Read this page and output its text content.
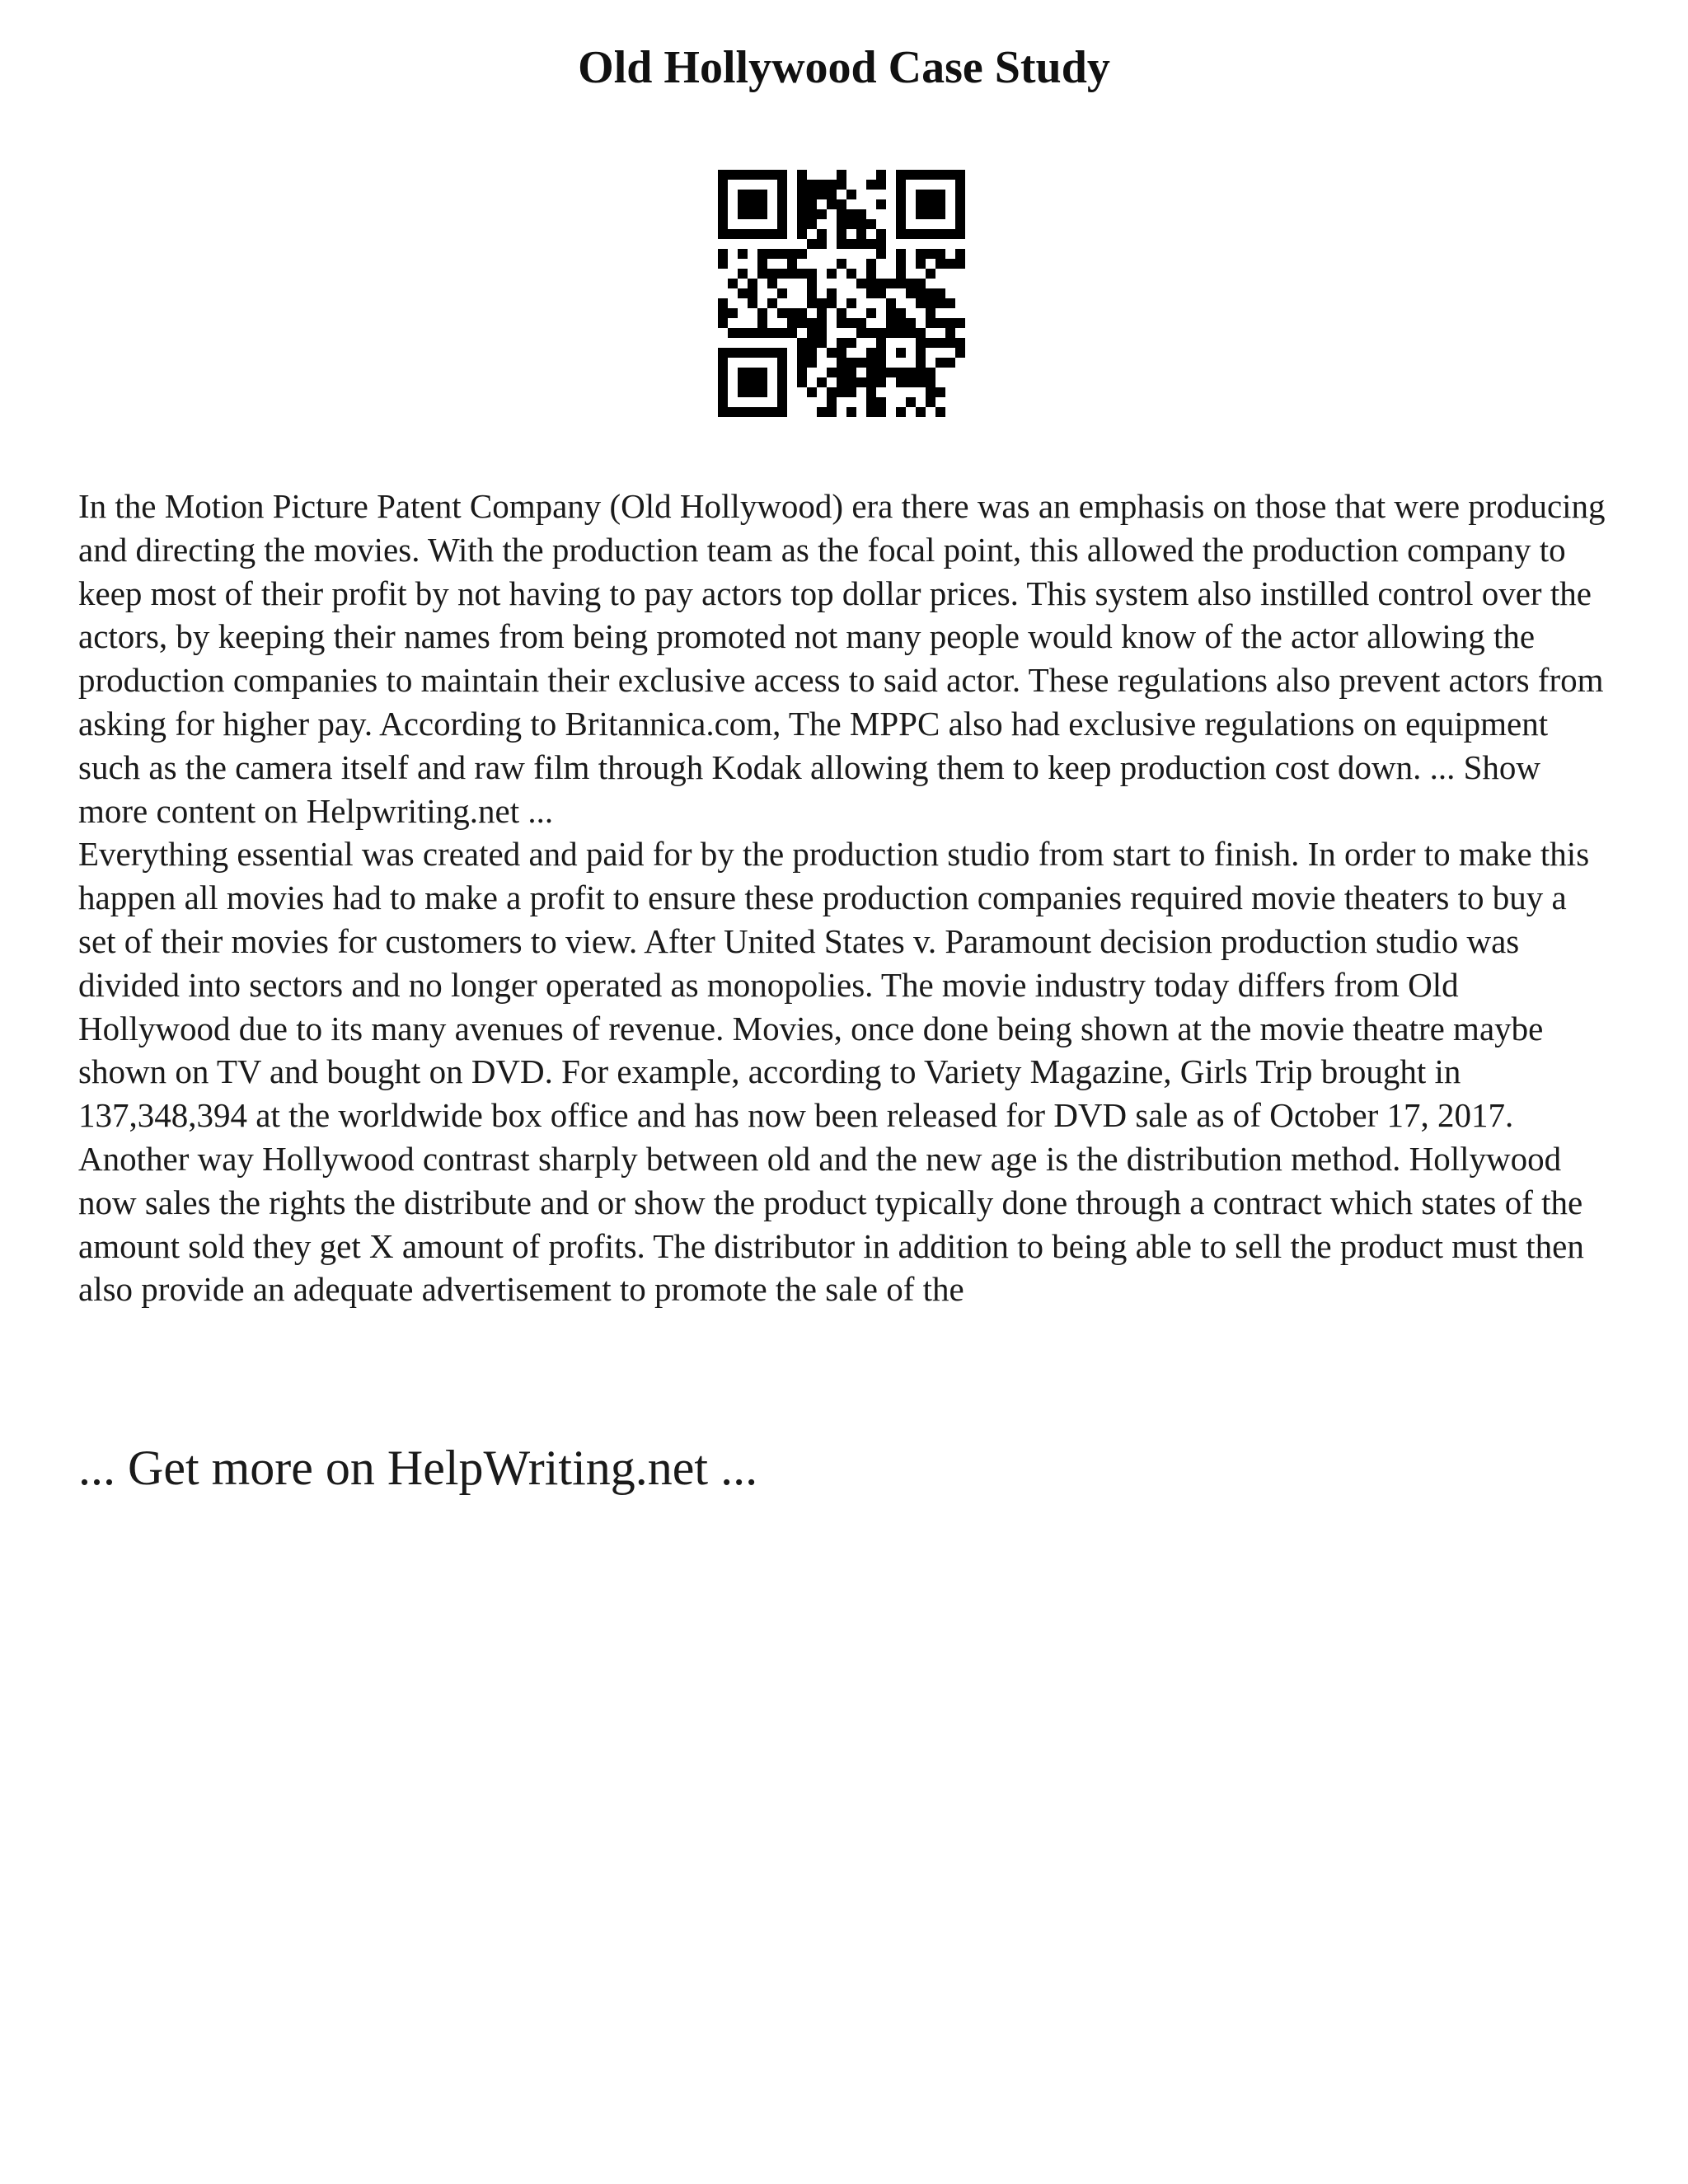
Old Hollywood Case Study

In the Motion Picture Patent Company (Old Hollywood) era there was an emphasis on those that were producing and directing the movies. With the production team as the focal point, this allowed the production company to keep most of their profit by not having to pay actors top dollar prices. This system also instilled control over the actors, by keeping their names from being promoted not many people would know of the actor allowing the production companies to maintain their exclusive access to said actor. These regulations also prevent actors from asking for higher pay. According to Britannica.com, The MPPC also had exclusive regulations on equipment such as the camera itself and raw film through Kodak allowing them to keep production cost down. ... Show more content on Helpwriting.net ...

Everything essential was created and paid for by the production studio from start to finish. In order to make this happen all movies had to make a profit to ensure these production companies required movie theaters to buy a set of their movies for customers to view. After United States v. Paramount decision production studio was divided into sectors and no longer operated as monopolies. The movie industry today differs from Old Hollywood due to its many avenues of revenue. Movies, once done being shown at the movie theatre maybe shown on TV and bought on DVD. For example, according to Variety Magazine, Girls Trip brought in 137,348,394 at the worldwide box office and has now been released for DVD sale as of October 17, 2017. Another way Hollywood contrast sharply between old and the new age is the distribution method. Hollywood now sales the rights the distribute and or show the product typically done through a contract which states of the amount sold they get X amount of profits. The distributor in addition to being able to sell the product must then also provide an adequate advertisement to promote the sale of the

... Get more on HelpWriting.net ...
